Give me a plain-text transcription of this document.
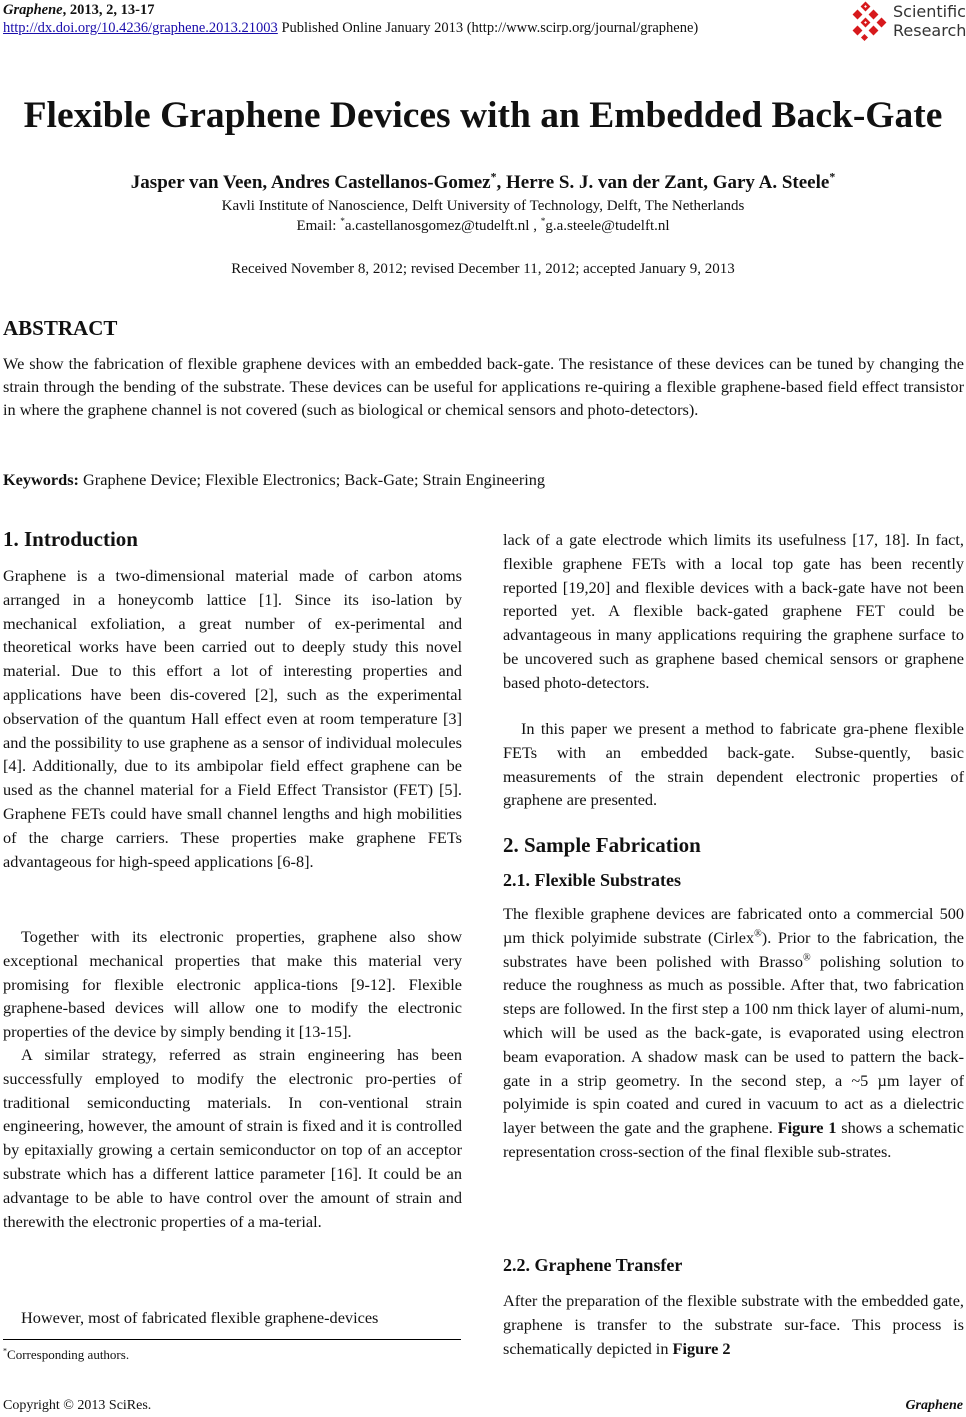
Graphene, 2013, 2, 13-17
http://dx.doi.org/10.4236/graphene.2013.21003 Published Online January 2013 (http://www.scirp.org/journal/graphene)
Scientific
Research
Flexible Graphene Devices with an Embedded Back-Gate
Jasper van Veen, Andres Castellanos-Gomez*, Herre S. J. van der Zant, Gary A. Steele*
Kavli Institute of Nanoscience, Delft University of Technology, Delft, The Netherlands
Email: *a.castellanosgomez@tudelft.nl , *g.a.steele@tudelft.nl
Received November 8, 2012; revised December 11, 2012; accepted January 9, 2013
ABSTRACT
We show the fabrication of flexible graphene devices with an embedded back-gate. The resistance of these devices can be tuned by changing the strain through the bending of the substrate. These devices can be useful for applications re-quiring a flexible graphene-based field effect transistor in where the graphene channel is not covered (such as biological or chemical sensors and photo-detectors).
Keywords: Graphene Device; Flexible Electronics; Back-Gate; Strain Engineering
1. Introduction
Graphene is a two-dimensional material made of carbon atoms arranged in a honeycomb lattice [1]. Since its iso-lation by mechanical exfoliation, a great number of ex-perimental and theoretical works have been carried out to deeply study this novel material. Due to this effort a lot of interesting properties and applications have been dis-covered [2], such as the experimental observation of the quantum Hall effect even at room temperature [3] and the possibility to use graphene as a sensor of individual molecules [4]. Additionally, due to its ambipolar field effect graphene can be used as the channel material for a Field Effect Transistor (FET) [5]. Graphene FETs could have small channel lengths and high mobilities of the charge carriers. These properties make graphene FETs advantageous for high-speed applications [6-8].
Together with its electronic properties, graphene also show exceptional mechanical properties that make this material very promising for flexible electronic applica-tions [9-12]. Flexible graphene-based devices will allow one to modify the electronic properties of the device by simply bending it [13-15].
A similar strategy, referred as strain engineering has been successfully employed to modify the electronic pro-perties of traditional semiconducting materials. In con-ventional strain engineering, however, the amount of strain is fixed and it is controlled by epitaxially growing a certain semiconductor on top of an acceptor substrate which has a different lattice parameter [16]. It could be an advantage to be able to have control over the amount of strain and therewith the electronic properties of a ma-terial.
However, most of fabricated flexible graphene-devices
lack of a gate electrode which limits its usefulness [17, 18]. In fact, flexible graphene FETs with a local top gate has been recently reported [19,20] and flexible devices with a back-gate have not been reported yet. A flexible back-gated graphene FET could be advantageous in many applications requiring the graphene surface to be uncovered such as graphene based chemical sensors or graphene based photo-detectors.
In this paper we present a method to fabricate gra-phene flexible FETs with an embedded back-gate. Subse-quently, basic measurements of the strain dependent electronic properties of graphene are presented.
2. Sample Fabrication
2.1. Flexible Substrates
The flexible graphene devices are fabricated onto a commercial 500 µm thick polyimide substrate (Cirlex®). Prior to the fabrication, the substrates have been polished with Brasso® polishing solution to reduce the roughness as much as possible. After that, two fabrication steps are followed. In the first step a 100 nm thick layer of alumi-num, which will be used as the back-gate, is evaporated using electron beam evaporation. A shadow mask can be used to pattern the back-gate in a strip geometry. In the second step, a ~5 µm layer of polyimide is spin coated and cured in vacuum to act as a dielectric layer between the gate and the graphene. Figure 1 shows a schematic representation cross-section of the final flexible sub-strates.
2.2. Graphene Transfer
After the preparation of the flexible substrate with the embedded gate, graphene is transfer to the substrate sur-face. This process is schematically depicted in Figure 2
*Corresponding authors.
Copyright © 2013 SciRes.	Graphene
